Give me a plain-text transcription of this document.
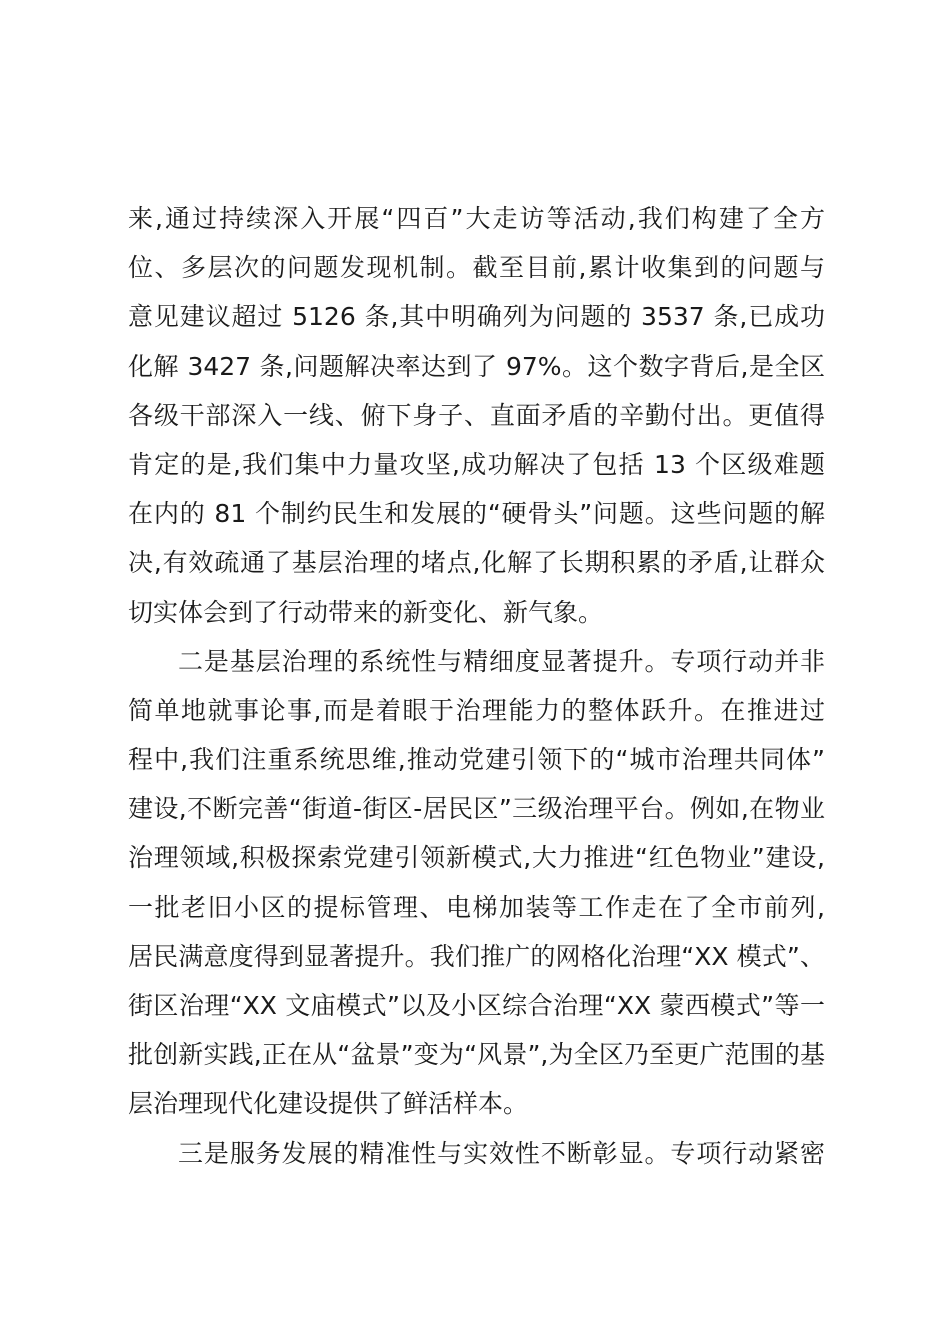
来,通过持续深入开展“四百”大走访等活动,我们构建了全方
位、多层次的问题发现机制。截至目前,累计收集到的问题与
意见建议超过 5126 条,其中明确列为问题的 3537 条,已成功
化解 3427 条,问题解决率达到了 97%。这个数字背后,是全区
各级干部深入一线、俯下身子、直面矛盾的辛勤付出。更值得
肯定的是,我们集中力量攻坚,成功解决了包括 13 个区级难题
在内的 81 个制约民生和发展的“硬骨头”问题。这些问题的解
决,有效疏通了基层治理的堵点,化解了长期积累的矛盾,让群众
切实体会到了行动带来的新变化、新气象。
二是基层治理的系统性与精细度显著提升。专项行动并非
简单地就事论事,而是着眼于治理能力的整体跃升。在推进过
程中,我们注重系统思维,推动党建引领下的“城市治理共同体”
建设,不断完善“街道-街区-居民区”三级治理平台。例如,在物业
治理领域,积极探索党建引领新模式,大力推进“红色物业”建设,
一批老旧小区的提标管理、电梯加装等工作走在了全市前列,
居民满意度得到显著提升。我们推广的网格化治理“XX 模式”、
街区治理“XX 文庙模式”以及小区综合治理“XX 蒙西模式”等一
批创新实践,正在从“盆景”变为“风景”,为全区乃至更广范围的基
层治理现代化建设提供了鲜活样本。
三是服务发展的精准性与实效性不断彰显。专项行动紧密
